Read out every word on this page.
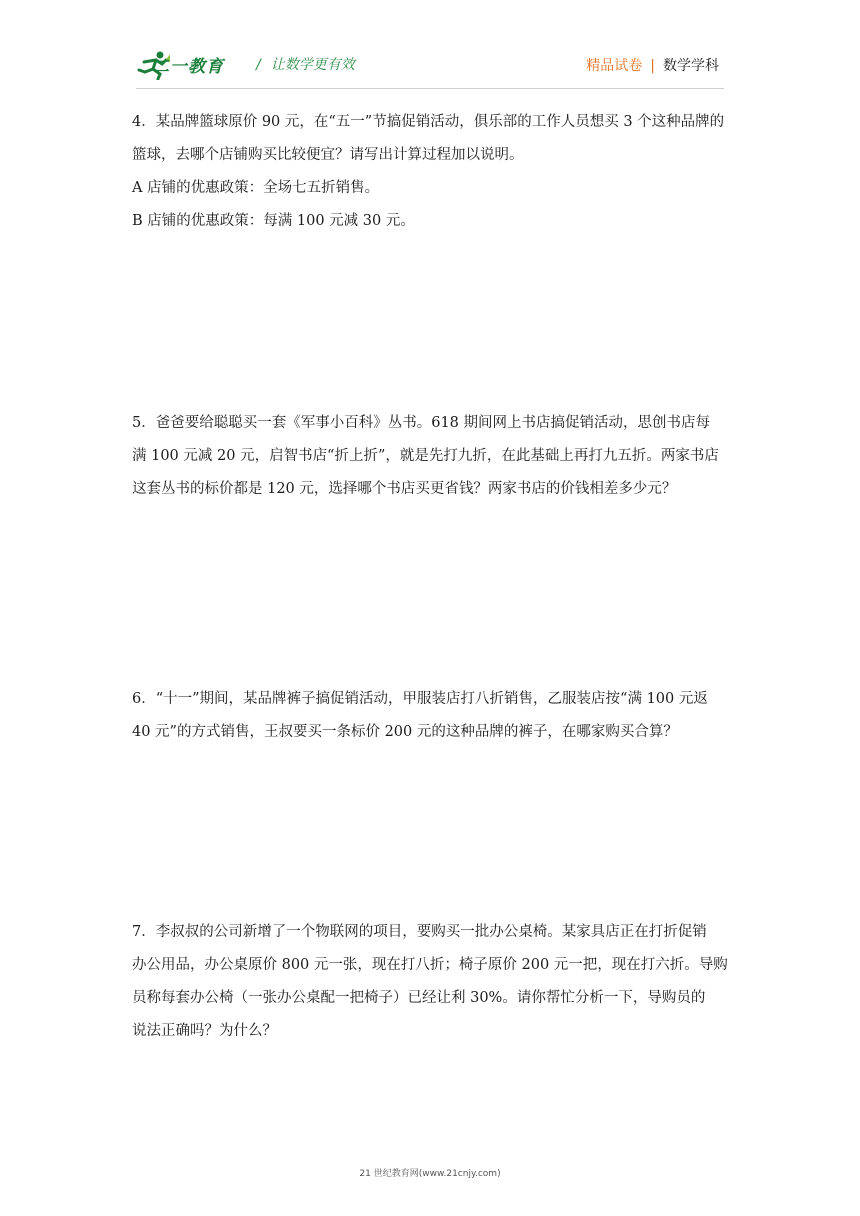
二一教育 / 让数学更有效	精品试卷 | 数学学科

4．某品牌篮球原价 90 元，在“五一”节搞促销活动，俱乐部的工作人员想买 3 个这种品牌的

篮球，去哪个店铺购买比较便宜？请写出计算过程加以说明。

A 店铺的优惠政策：全场七五折销售。

B 店铺的优惠政策：每满 100 元减 30 元。

5．爸爸要给聪聪买一套《军事小百科》丛书。618 期间网上书店搞促销活动，思创书店每

满 100 元减 20 元，启智书店“折上折”，就是先打九折，在此基础上再打九五折。两家书店

这套丛书的标价都是 120 元，选择哪个书店买更省钱？两家书店的价钱相差多少元？

6．“十一”期间，某品牌裤子搞促销活动，甲服装店打八折销售，乙服装店按“满 100 元返

40 元”的方式销售，王叔要买一条标价 200 元的这种品牌的裤子，在哪家购买合算？

7．李叔叔的公司新增了一个物联网的项目，要购买一批办公桌椅。某家具店正在打折促销

办公用品，办公桌原价 800 元一张，现在打八折；椅子原价 200 元一把，现在打六折。导购

员称每套办公椅（一张办公桌配一把椅子）已经让利 30%。请你帮忙分析一下，导购员的

说法正确吗？为什么？

21 世纪教育网(www.21cnjy.com)
